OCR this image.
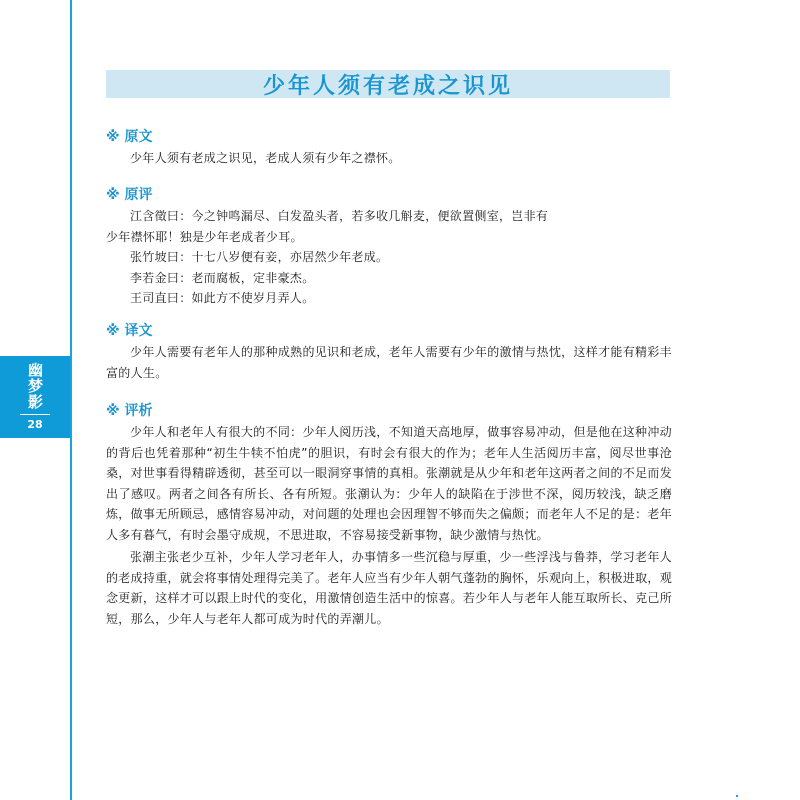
幽梦影
28
少年人须有老成之识见
※ 原文

少年人须有老成之识见，老成人须有少年之襟怀。

※ 原评

江含徵曰：今之钟鸣漏尽、白发盈头者，若多收几斛麦，便欲置侧室，岂非有

少年襟怀耶！独是少年老成者少耳。

张竹坡曰：十七八岁便有妾，亦居然少年老成。

李若金曰：老而腐板，定非豪杰。

王司直曰：如此方不使岁月弄人。

※ 译文

少年人需要有老年人的那种成熟的见识和老成，老年人需要有少年的激情与热忱，这样才能有精彩丰富的人生。

※ 评析

少年人和老年人有很大的不同：少年人阅历浅，不知道天高地厚，做事容易冲动，但是他在这种冲动的背后也凭着那种“初生牛犊不怕虎”的胆识，有时会有很大的作为；老年人生活阅历丰富，阅尽世事沧桑，对世事看得精辟透彻，甚至可以一眼洞穿事情的真相。张潮就是从少年和老年这两者之间的不足而发出了感叹。两者之间各有所长、各有所短。张潮认为：少年人的缺陷在于涉世不深，阅历较浅，缺乏磨炼，做事无所顾忌，感情容易冲动，对问题的处理也会因理智不够而失之偏颇；而老年人不足的是：老年人多有暮气，有时会墨守成规，不思进取，不容易接受新事物，缺少激情与热忱。

张潮主张老少互补，少年人学习老年人，办事情多一些沉稳与厚重，少一些浮浅与鲁莽，学习老年人的老成持重，就会将事情处理得完美了。老年人应当有少年人朝气蓬勃的胸怀，乐观向上，积极进取，观念更新，这样才可以跟上时代的变化，用激情创造生活中的惊喜。若少年人与老年人能互取所长、克己所短，那么，少年人与老年人都可成为时代的弄潮儿。
